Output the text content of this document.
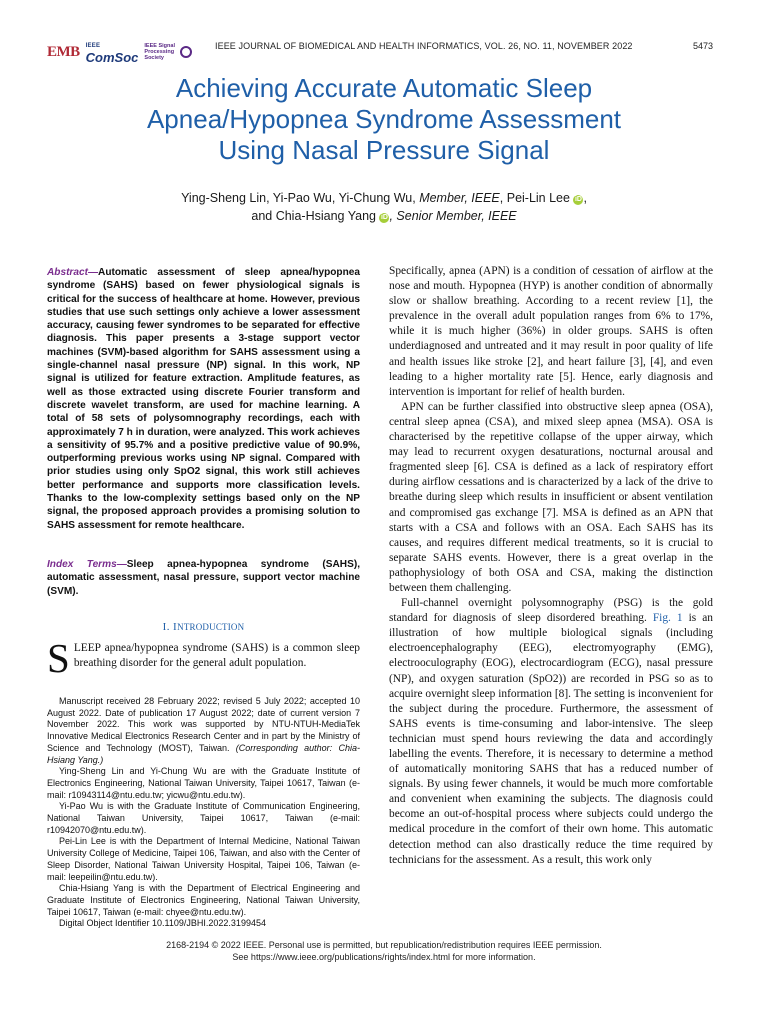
EMB IEEE
ComSoc
IEEE Signal Processing Society
IEEE JOURNAL OF BIOMEDICAL AND HEALTH INFORMATICS, VOL. 26, NO. 11, NOVEMBER 2022	5473
Achieving Accurate Automatic Sleep
Apnea/Hypopnea Syndrome Assessment
Using Nasal Pressure Signal
Ying-Sheng Lin, Yi-Pao Wu, Yi-Chung Wu, Member, IEEE, Pei-Lin Lee iD ,
and Chia-Hsiang Yang iD , Senior Member, IEEE

Abstract—Automatic assessment of sleep apnea/hypopnea syndrome (SAHS) based on fewer physiological signals is critical for the success of healthcare at home. However, previous studies that use such settings only achieve a lower assessment accuracy, causing fewer syndromes to be separated for effective diagnosis. This paper presents a 3-stage support vector machines (SVM)-based algorithm for SAHS assessment using a single-channel nasal pressure (NP) signal. In this work, NP signal is utilized for feature extraction. Amplitude features, as well as those extracted using discrete Fourier transform and discrete wavelet transform, are used for machine learning. A total of 58 sets of polysomnography recordings, each with approximately 7 h in duration, were analyzed. This work achieves a sensitivity of 95.7% and a positive predictive value of 90.9%, outperforming previous works using NP signal. Compared with prior studies using only SpO2 signal, this work still achieves better performance and supports more classification levels. Thanks to the low-complexity settings based only on the NP signal, the proposed approach provides a promising solution to SAHS assessment for remote healthcare.

Index Terms—Sleep apnea-hypopnea syndrome (SAHS), automatic assessment, nasal pressure, support vector machine (SVM).

I. INTRODUCTION

SLEEP apnea/hypopnea syndrome (SAHS) is a common sleep breathing disorder for the general adult population.

Manuscript received 28 February 2022; revised 5 July 2022; accepted 10 August 2022. Date of publication 17 August 2022; date of current version 7 November 2022. This work was supported by NTU-NTUH-MediaTek Innovative Medical Electronics Research Center and in part by the Ministry of Science and Technology (MOST), Taiwan. (Corresponding author: Chia-Hsiang Yang.)

Ying-Sheng Lin and Yi-Chung Wu are with the Graduate Institute of Electronics Engineering, National Taiwan University, Taipei 10617, Taiwan (e-mail: r10943114@ntu.edu.tw; yicwu@ntu.edu.tw).

Yi-Pao Wu is with the Graduate Institute of Communication Engineering, National Taiwan University, Taipei 10617, Taiwan (e-mail: r10942070@ntu.edu.tw).

Pei-Lin Lee is with the Department of Internal Medicine, National Taiwan University College of Medicine, Taipei 106, Taiwan, and also with the Center of Sleep Disorder, National Taiwan University Hospital, Taipei 106, Taiwan (e-mail: leepeilin@ntu.edu.tw).

Chia-Hsiang Yang is with the Department of Electrical Engineering and Graduate Institute of Electronics Engineering, National Taiwan University, Taipei 10617, Taiwan (e-mail: chyee@ntu.edu.tw).

Digital Object Identifier 10.1109/JBHI.2022.3199454

Specifically, apnea (APN) is a condition of cessation of airflow at the nose and mouth. Hypopnea (HYP) is another condition of abnormally slow or shallow breathing. According to a recent review [1], the prevalence in the overall adult population ranges from 6% to 17%, while it is much higher (36%) in older groups. SAHS is often underdiagnosed and untreated and it may result in poor quality of life and health issues like stroke [2], and heart failure [3], [4], and even leading to a higher mortality rate [5]. Hence, early diagnosis and intervention is important for relief of health burden.

APN can be further classified into obstructive sleep apnea (OSA), central sleep apnea (CSA), and mixed sleep apnea (MSA). OSA is characterised by the repetitive collapse of the upper airway, which may lead to recurrent oxygen desaturations, nocturnal arousal and fragmented sleep [6]. CSA is defined as a lack of respiratory effort during airflow cessations and is characterized by a lack of the drive to breathe during sleep which results in insufficient or absent ventilation and compromised gas exchange [7]. MSA is defined as an APN that starts with a CSA and follows with an OSA. Each SAHS has its causes, and requires different medical treatments, so it is crucial to separate SAHS events. However, there is a great overlap in the pathophysiology of both OSA and CSA, making the distinction between them challenging.

Full-channel overnight polysomnography (PSG) is the gold standard for diagnosis of sleep disordered breathing. Fig. 1 is an illustration of how multiple biological signals (including electroencephalography (EEG), electromyography (EMG), electrooculography (EOG), electrocardiogram (ECG), nasal pressure (NP), and oxygen saturation (SpO2)) are recorded in PSG so as to acquire overnight sleep information [8]. The setting is inconvenient for the subject during the procedure. Furthermore, the assessment of SAHS events is time-consuming and labor-intensive. The sleep technician must spend hours reviewing the data and accordingly labelling the events. Therefore, it is necessary to determine a method of automatically monitoring SAHS that has a reduced number of signals. By using fewer channels, it would be much more comfortable and convenient when examining the subjects. The diagnosis could become an out-of-hospital process where subjects could undergo the medical procedure in the comfort of their own home. This automatic detection method can also drastically reduce the time required by technicians for the assessment. As a result, this work only

2168-2194 © 2022 IEEE. Personal use is permitted, but republication/redistribution requires IEEE permission.
See https://www.ieee.org/publications/rights/index.html for more information.
